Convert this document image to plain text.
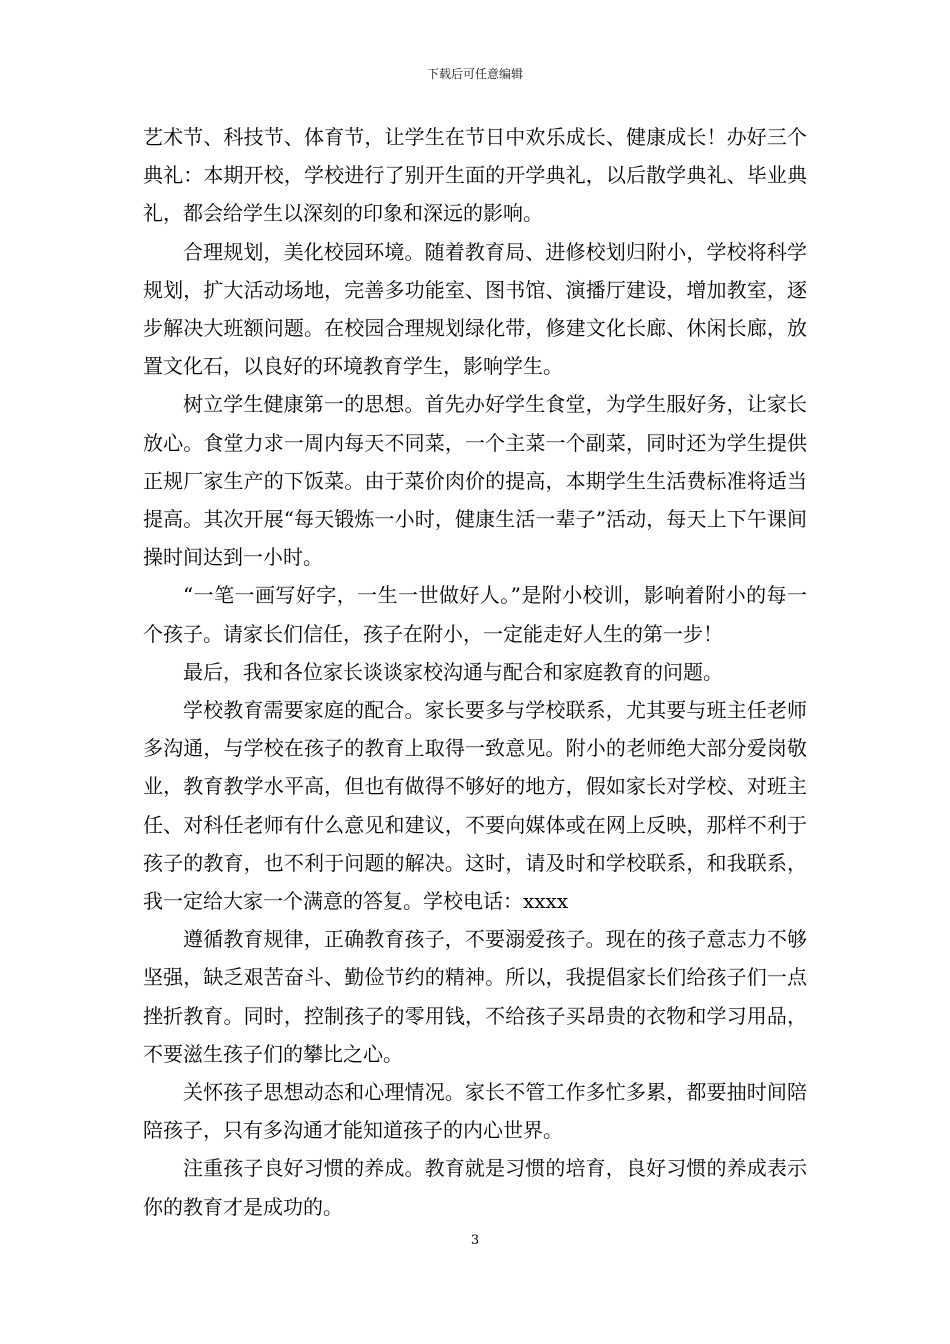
下载后可任意编辑

艺术节、科技节、体育节，让学生在节日中欢乐成长、健康成长！办好三个典礼：本期开校，学校进行了别开生面的开学典礼，以后散学典礼、毕业典礼，都会给学生以深刻的印象和深远的影响。

合理规划，美化校园环境。随着教育局、进修校划归附小，学校将科学规划，扩大活动场地，完善多功能室、图书馆、演播厅建设，增加教室，逐步解决大班额问题。在校园合理规划绿化带，修建文化长廊、休闲长廊，放置文化石，以良好的环境教育学生，影响学生。

树立学生健康第一的思想。首先办好学生食堂，为学生服好务，让家长放心。食堂力求一周内每天不同菜，一个主菜一个副菜，同时还为学生提供正规厂家生产的下饭菜。由于菜价肉价的提高，本期学生生活费标准将适当提高。其次开展“每天锻炼一小时，健康生活一辈子”活动，每天上下午课间操时间达到一小时。

“一笔一画写好字，一生一世做好人。”是附小校训，影响着附小的每一个孩子。请家长们信任，孩子在附小，一定能走好人生的第一步！

最后，我和各位家长谈谈家校沟通与配合和家庭教育的问题。

学校教育需要家庭的配合。家长要多与学校联系，尤其要与班主任老师多沟通，与学校在孩子的教育上取得一致意见。附小的老师绝大部分爱岗敬业，教育教学水平高，但也有做得不够好的地方，假如家长对学校、对班主任、对科任老师有什么意见和建议，不要向媒体或在网上反映，那样不利于孩子的教育，也不利于问题的解决。这时，请及时和学校联系，和我联系，我一定给大家一个满意的答复。学校电话：xxxx

遵循教育规律，正确教育孩子，不要溺爱孩子。现在的孩子意志力不够坚强，缺乏艰苦奋斗、勤俭节约的精神。所以，我提倡家长们给孩子们一点挫折教育。同时，控制孩子的零用钱，不给孩子买昂贵的衣物和学习用品，不要滋生孩子们的攀比之心。

关怀孩子思想动态和心理情况。家长不管工作多忙多累，都要抽时间陪陪孩子，只有多沟通才能知道孩子的内心世界。

注重孩子良好习惯的养成。教育就是习惯的培育，良好习惯的养成表示你的教育才是成功的。

3
